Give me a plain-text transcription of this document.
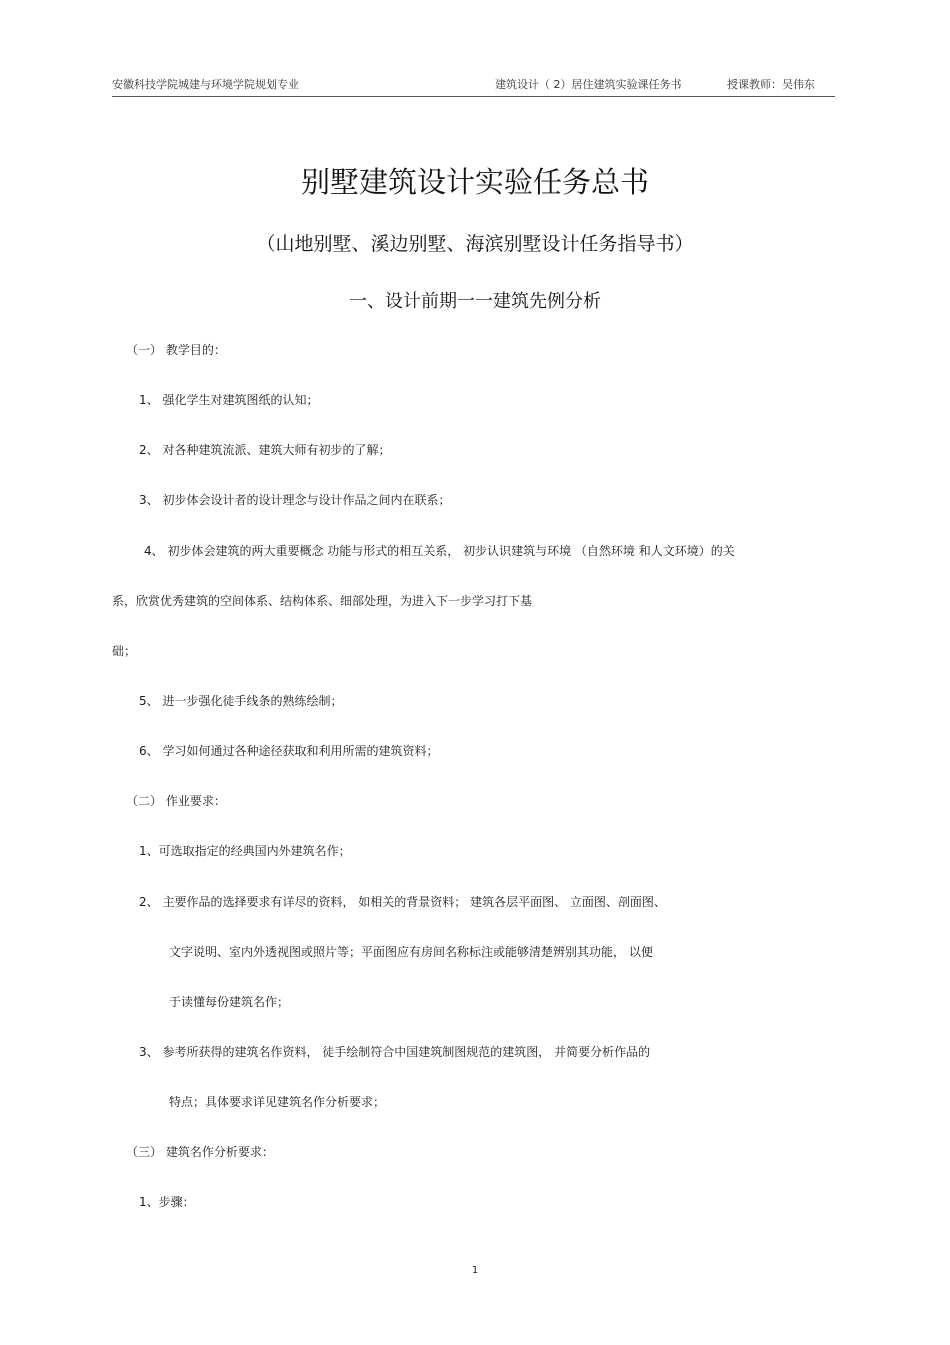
安徽科技学院城建与环境学院规划专业	建筑设计（ 2）居住建筑实验课任务书	授课教师：吴伟东
别墅建筑设计实验任务总书
（山地别墅、溪边别墅、海滨别墅设计任务指导书）
一、设计前期一一建筑先例分析
（一） 教学目的：
1、 强化学生对建筑图纸的认知；
2、 对各种建筑流派、建筑大师有初步的了解；
3、 初步体会设计者的设计理念与设计作品之间内在联系；
4、 初步体会建筑的两大重要概念 功能与形式的相互关系， 初步认识建筑与环境 （自然环境 和人文环境）的关
系，欣赏优秀建筑的空间体系、结构体系、细部处理，为进入下一步学习打下基
础；
5、 进一步强化徒手线条的熟练绘制；
6、 学习如何通过各种途径获取和利用所需的建筑资料；
（二） 作业要求：
1、可选取指定的经典国内外建筑名作；
2、 主要作品的选择要求有详尽的资料， 如相关的背景资料； 建筑各层平面图、 立面图、剖面图、
文字说明、室内外透视图或照片等；平面图应有房间名称标注或能够清楚辨别其功能， 以便
于读懂每份建筑名作；
3、 参考所获得的建筑名作资料， 徒手绘制符合中国建筑制图规范的建筑图， 并简要分析作品的
特点；具体要求详见建筑名作分析要求；
（三） 建筑名作分析要求：
1、步骤：
1
